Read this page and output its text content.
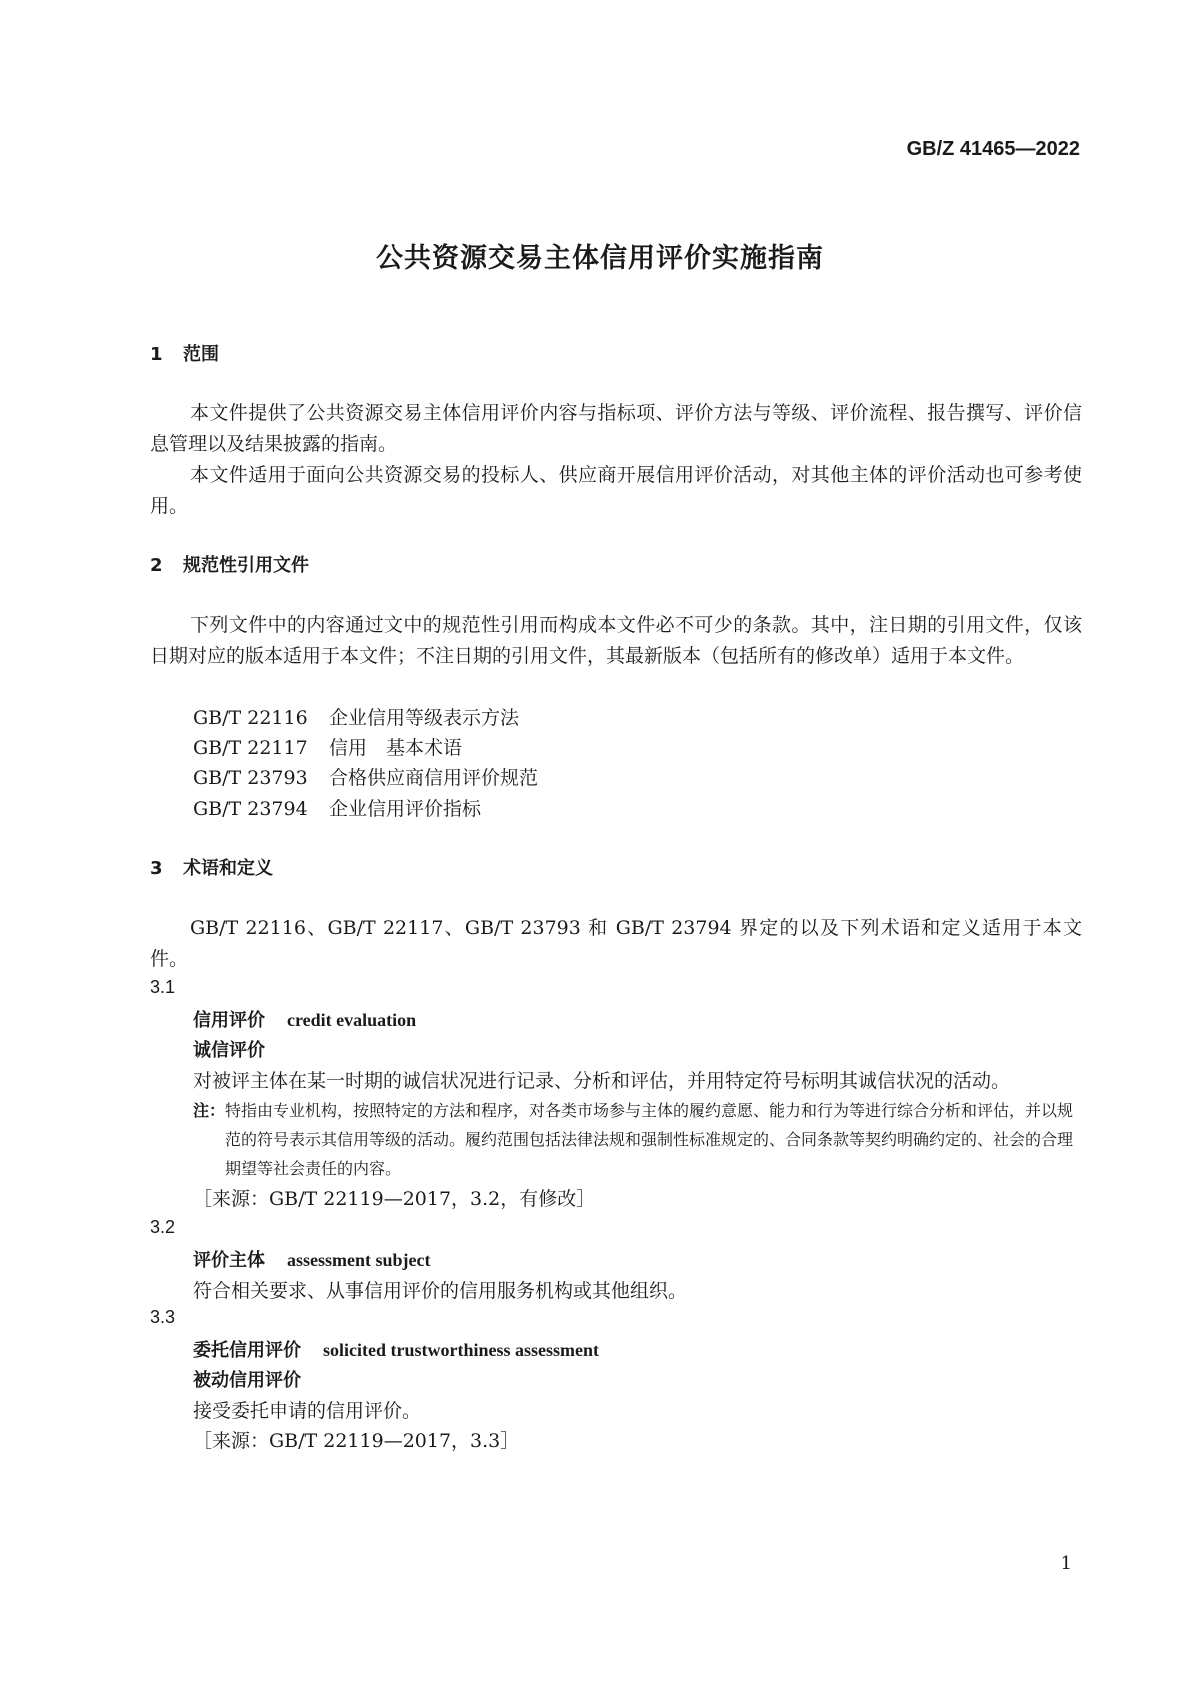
GB/Z 41465—2022
公共资源交易主体信用评价实施指南
1 范围
本文件提供了公共资源交易主体信用评价内容与指标项、评价方法与等级、评价流程、报告撰写、评价信息管理以及结果披露的指南。
本文件适用于面向公共资源交易的投标人、供应商开展信用评价活动，对其他主体的评价活动也可参考使用。
2 规范性引用文件
下列文件中的内容通过文中的规范性引用而构成本文件必不可少的条款。其中，注日期的引用文件，仅该日期对应的版本适用于本文件；不注日期的引用文件，其最新版本（包括所有的修改单）适用于本文件。
GB/T 22116 企业信用等级表示方法
GB/T 22117 信用　基本术语
GB/T 23793 合格供应商信用评价规范
GB/T 23794 企业信用评价指标
3 术语和定义
GB/T 22116、GB/T 22117、GB/T 23793 和 GB/T 23794 界定的以及下列术语和定义适用于本文件。
3.1
信用评价 credit evaluation
诚信评价
对被评主体在某一时期的诚信状况进行记录、分析和评估，并用特定符号标明其诚信状况的活动。
注：特指由专业机构，按照特定的方法和程序，对各类市场参与主体的履约意愿、能力和行为等进行综合分析和评估，并以规范的符号表示其信用等级的活动。履约范围包括法律法规和强制性标准规定的、合同条款等契约明确约定的、社会的合理期望等社会责任的内容。
［来源：GB/T 22119—2017，3.2，有修改］
3.2
评价主体 assessment subject
符合相关要求、从事信用评价的信用服务机构或其他组织。
3.3
委托信用评价 solicited trustworthiness assessment
被动信用评价
接受委托申请的信用评价。
［来源：GB/T 22119—2017，3.3］
1
